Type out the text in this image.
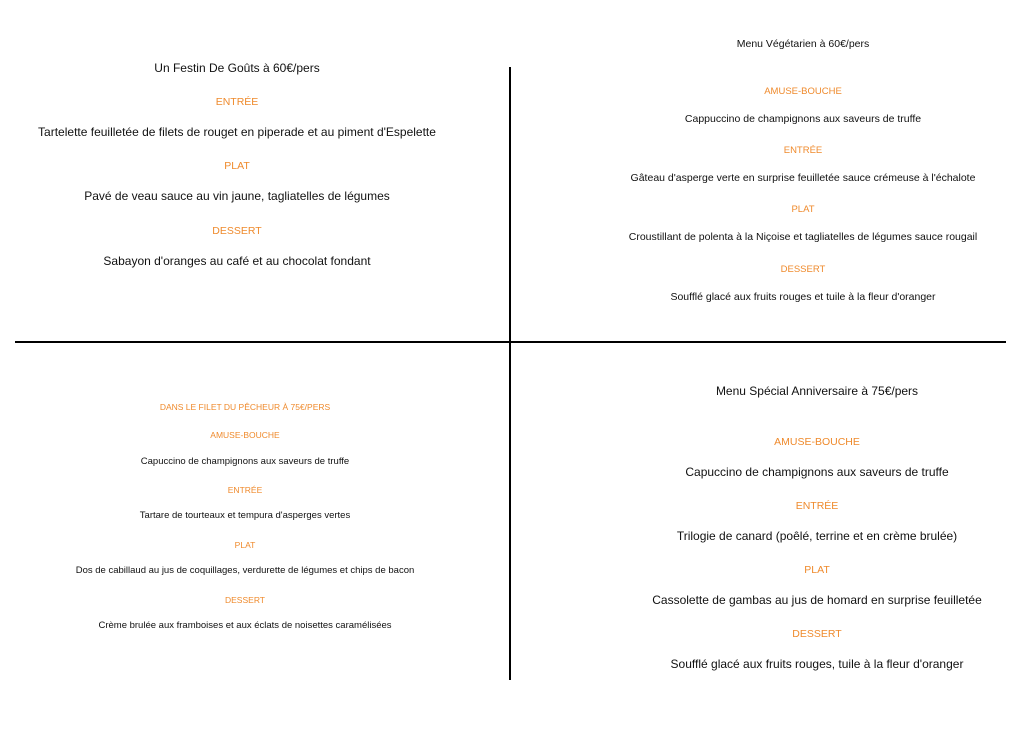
Un Festin De Goûts à 60€/pers
ENTRÉE
Tartelette feuilletée de filets de rouget en piperade et au piment d'Espelette
PLAT
Pavé de veau sauce au vin jaune, tagliatelles de légumes
DESSERT
Sabayon d'oranges au café et au chocolat fondant
Menu Végétarien à 60€/pers
AMUSE-BOUCHE
Cappuccino de champignons aux saveurs de truffe
ENTRÉE
Gâteau d'asperge verte en surprise feuilletée sauce crémeuse à l'échalote
PLAT
Croustillant de polenta à la Niçoise et tagliatelles de légumes sauce rougail
DESSERT
Soufflé glacé aux fruits rouges et tuile à la fleur d'oranger
DANS LE FILET DU PÊCHEUR À 75€/PERS
AMUSE-BOUCHE
Capuccino de champignons aux saveurs de truffe
ENTRÉE
Tartare de tourteaux et tempura d'asperges vertes
PLAT
Dos de cabillaud au jus de coquillages, verdurette de légumes et chips de bacon
DESSERT
Crème brulée aux framboises et aux éclats de noisettes caramélisées
Menu Spécial Anniversaire à 75€/pers
AMUSE-BOUCHE
Capuccino de champignons aux saveurs de truffe
ENTRÉE
Trilogie de canard (poêlé, terrine et en crème brulée)
PLAT
Cassolette de gambas au jus de homard en surprise feuilletée
DESSERT
Soufflé glacé aux fruits rouges, tuile à la fleur d'oranger
